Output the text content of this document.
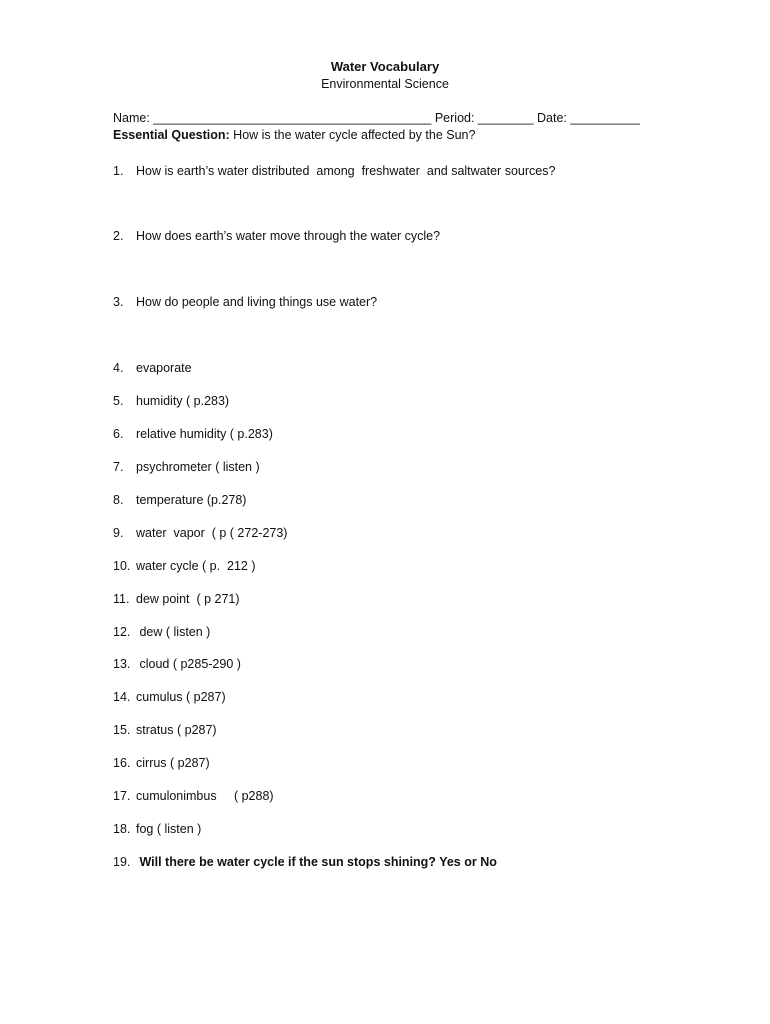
Water Vocabulary
Environmental Science
Name: ________________________________________ Period: ________ Date: __________
Essential Question: How is the water cycle affected by the Sun?
1. How is earth’s water distributed  among  freshwater  and saltwater sources?
2. How does earth’s water move through the water cycle?
3. How do people and living things use water?
4. evaporate
5. humidity ( p.283)
6. relative humidity ( p.283)
7. psychrometer ( listen )
8. temperature (p.278)
9. water  vapor  ( p ( 272-273)
10. water cycle ( p.  212 )
11. dew point  ( p 271)
12. dew ( listen )
13. cloud ( p285-290 )
14. cumulus ( p287)
15. stratus ( p287)
16. cirrus ( p287)
17. cumulonimbus     ( p288)
18. fog ( listen )
19. Will there be water cycle if the sun stops shining? Yes or No
